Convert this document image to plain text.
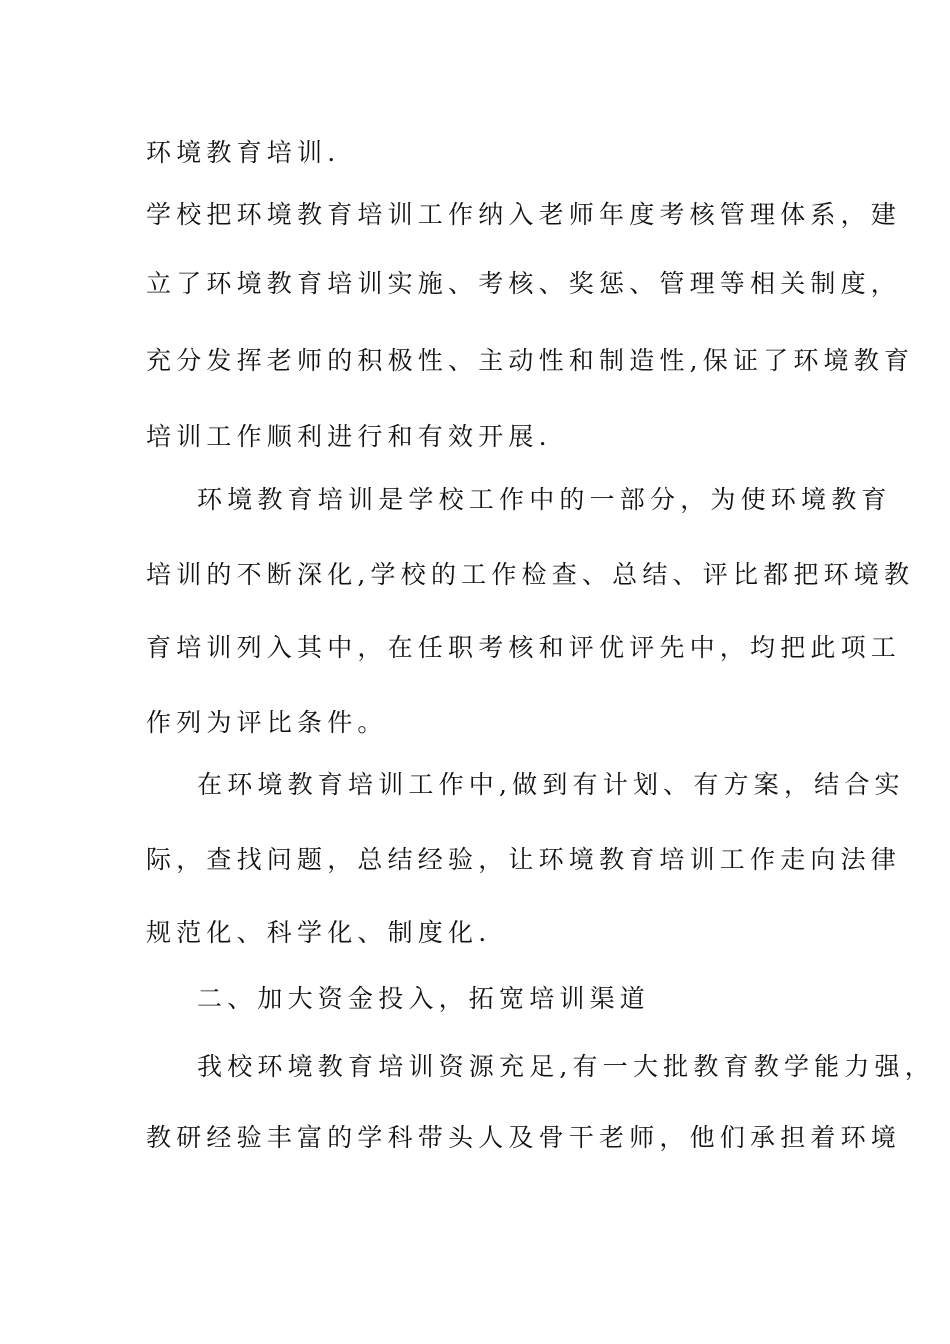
环境教育培训.
学校把环境教育培训工作纳入老师年度考核管理体系，建
立了环境教育培训实施、考核、奖惩、管理等相关制度，
充分发挥老师的积极性、主动性和制造性,保证了环境教育
培训工作顺利进行和有效开展.
环境教育培训是学校工作中的一部分，为使环境教育
培训的不断深化,学校的工作检查、总结、评比都把环境教
育培训列入其中，在任职考核和评优评先中，均把此项工
作列为评比条件。
在环境教育培训工作中,做到有计划、有方案，结合实
际，查找问题，总结经验，让环境教育培训工作走向法律
规范化、科学化、制度化.
二、加大资金投入，拓宽培训渠道
我校环境教育培训资源充足,有一大批教育教学能力强，
教研经验丰富的学科带头人及骨干老师，他们承担着环境
